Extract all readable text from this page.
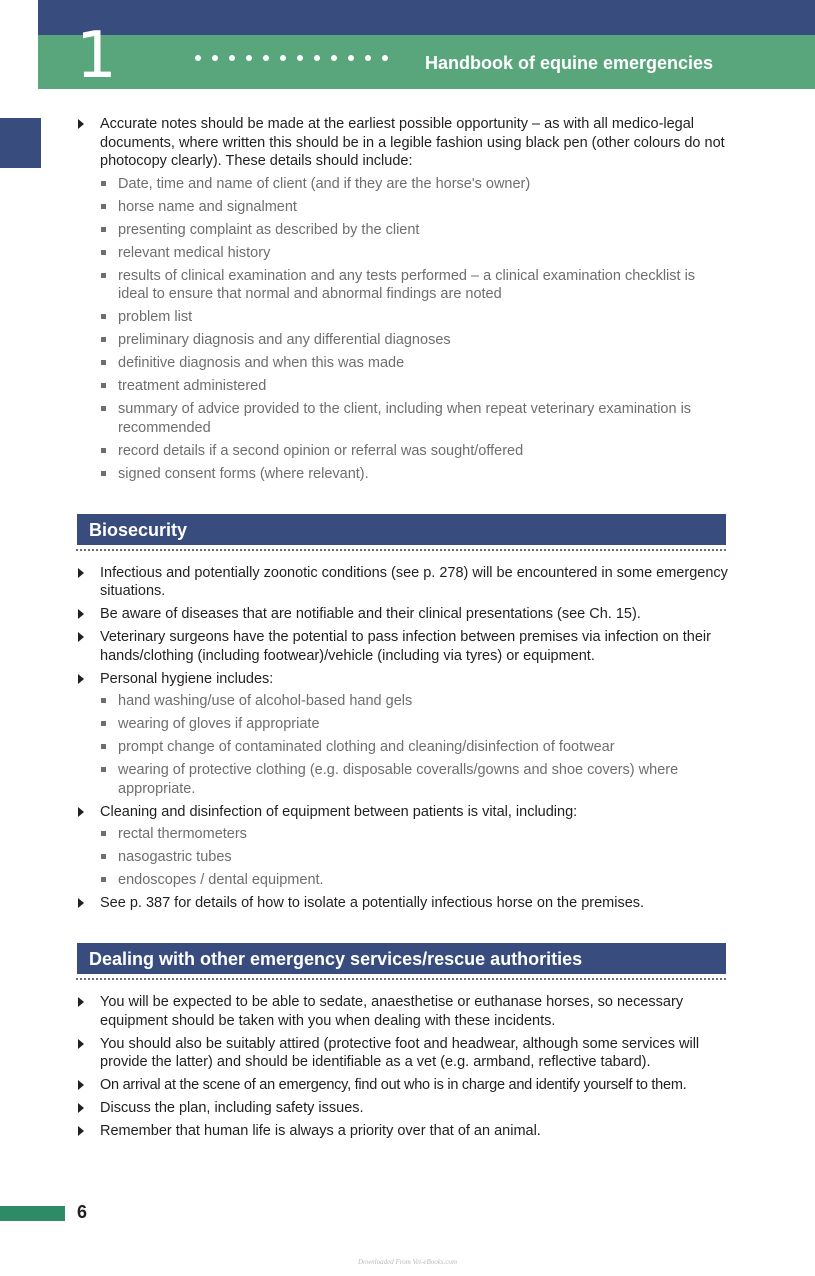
1	Handbook of equine emergencies
Accurate notes should be made at the earliest possible opportunity – as with all medico-legal documents, where written this should be in a legible fashion using black pen (other colours do not photocopy clearly). These details should include:
Date, time and name of client (and if they are the horse's owner)
horse name and signalment
presenting complaint as described by the client
relevant medical history
results of clinical examination and any tests performed – a clinical examination checklist is ideal to ensure that normal and abnormal findings are noted
problem list
preliminary diagnosis and any differential diagnoses
definitive diagnosis and when this was made
treatment administered
summary of advice provided to the client, including when repeat veterinary examination is recommended
record details if a second opinion or referral was sought/offered
signed consent forms (where relevant).
Biosecurity
Infectious and potentially zoonotic conditions (see p. 278) will be encountered in some emergency situations.
Be aware of diseases that are notifiable and their clinical presentations (see Ch. 15).
Veterinary surgeons have the potential to pass infection between premises via infection on their hands/clothing (including footwear)/vehicle (including via tyres) or equipment.
Personal hygiene includes:
hand washing/use of alcohol-based hand gels
wearing of gloves if appropriate
prompt change of contaminated clothing and cleaning/disinfection of footwear
wearing of protective clothing (e.g. disposable coveralls/gowns and shoe covers) where appropriate.
Cleaning and disinfection of equipment between patients is vital, including:
rectal thermometers
nasogastric tubes
endoscopes / dental equipment.
See p. 387 for details of how to isolate a potentially infectious horse on the premises.
Dealing with other emergency services/rescue authorities
You will be expected to be able to sedate, anaesthetise or euthanase horses, so necessary equipment should be taken with you when dealing with these incidents.
You should also be suitably attired (protective foot and headwear, although some services will provide the latter) and should be identifiable as a vet (e.g. armband, reflective tabard).
On arrival at the scene of an emergency, find out who is in charge and identify yourself to them.
Discuss the plan, including safety issues.
Remember that human life is always a priority over that of an animal.
6
Downloaded From Vet-eBooks.com
